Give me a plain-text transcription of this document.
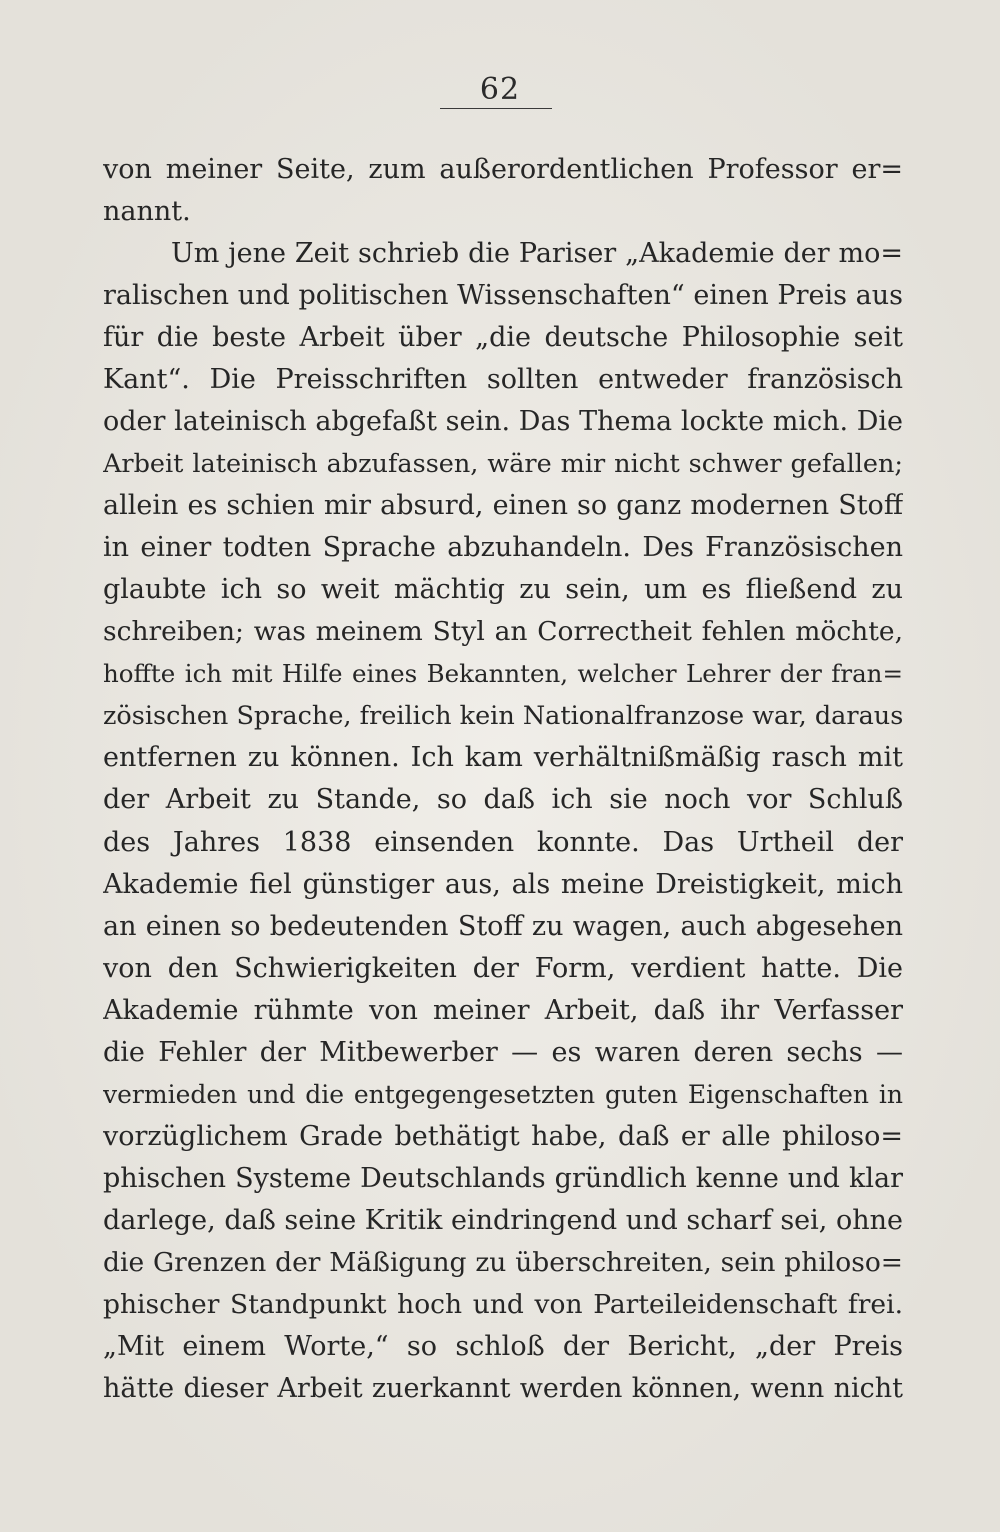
62
von meiner Seite, zum außerordentlichen Professor er=
nannt.
Um jene Zeit schrieb die Pariser „Akademie der mo=
ralischen und politischen Wissenschaften“ einen Preis aus
für die beste Arbeit über „die deutsche Philosophie seit
Kant“. Die Preisschriften sollten entweder französisch
oder lateinisch abgefaßt sein. Das Thema lockte mich. Die
Arbeit lateinisch abzufassen, wäre mir nicht schwer gefallen;
allein es schien mir absurd, einen so ganz modernen Stoff
in einer todten Sprache abzuhandeln. Des Französischen
glaubte ich so weit mächtig zu sein, um es fließend zu
schreiben; was meinem Styl an Correctheit fehlen möchte,
hoffte ich mit Hilfe eines Bekannten, welcher Lehrer der fran=
zösischen Sprache, freilich kein Nationalfranzose war, daraus
entfernen zu können. Ich kam verhältnißmäßig rasch mit
der Arbeit zu Stande, so daß ich sie noch vor Schluß
des Jahres 1838 einsenden konnte. Das Urtheil der
Akademie fiel günstiger aus, als meine Dreistigkeit, mich
an einen so bedeutenden Stoff zu wagen, auch abgesehen
von den Schwierigkeiten der Form, verdient hatte. Die
Akademie rühmte von meiner Arbeit, daß ihr Verfasser
die Fehler der Mitbewerber — es waren deren sechs —
vermieden und die entgegengesetzten guten Eigenschaften in
vorzüglichem Grade bethätigt habe, daß er alle philoso=
phischen Systeme Deutschlands gründlich kenne und klar
darlege, daß seine Kritik eindringend und scharf sei, ohne
die Grenzen der Mäßigung zu überschreiten, sein philoso=
phischer Standpunkt hoch und von Parteileidenschaft frei.
„Mit einem Worte,“ so schloß der Bericht, „der Preis
hätte dieser Arbeit zuerkannt werden können, wenn nicht
